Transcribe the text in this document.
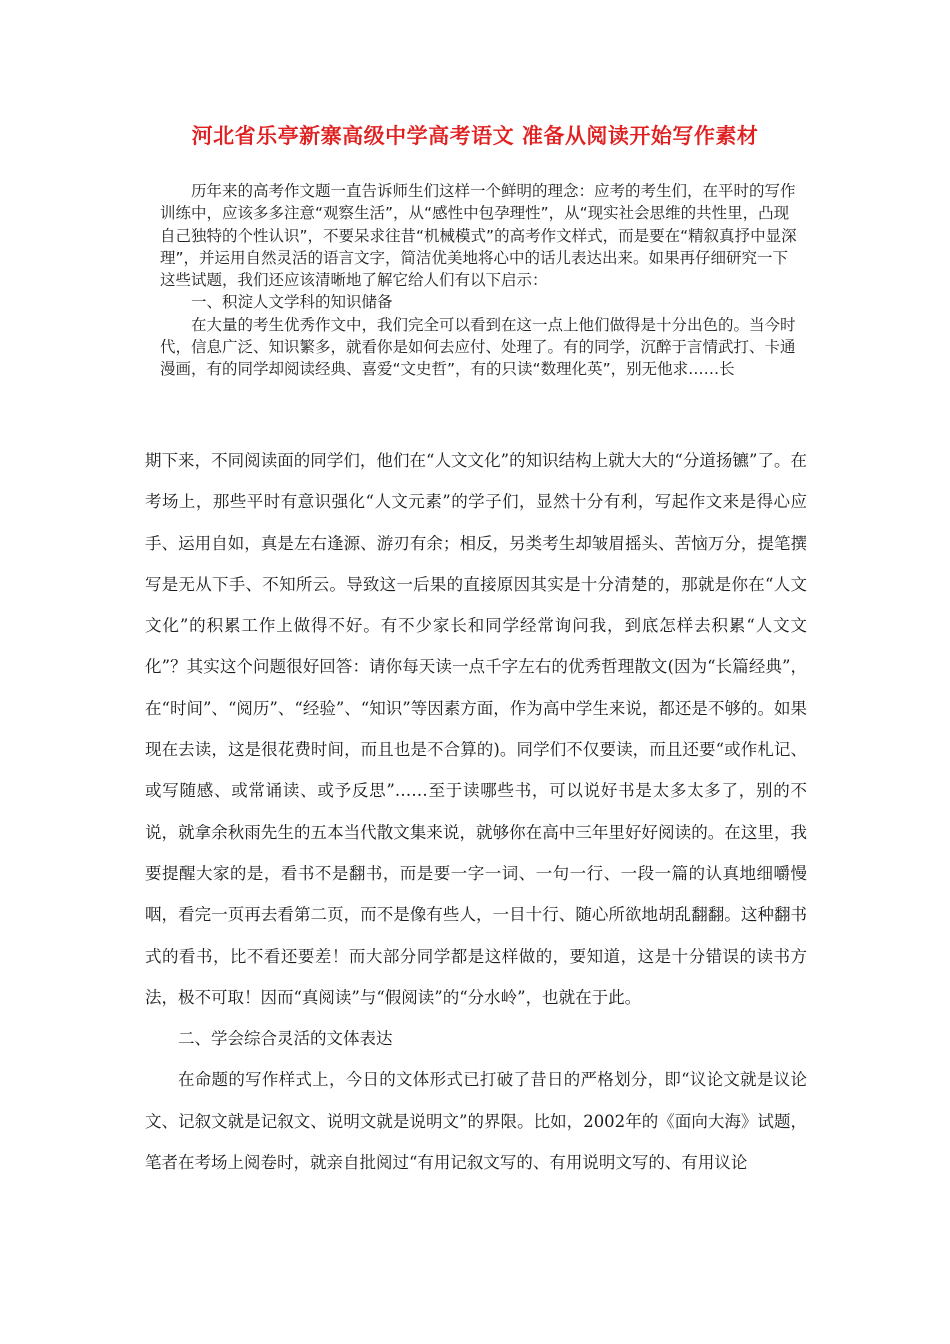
河北省乐亭新寨高级中学高考语文 准备从阅读开始写作素材

历年来的高考作文题一直告诉师生们这样一个鲜明的理念：应考的考生们，在平时的写作训练中，应该多多注意“观察生活”，从“感性中包孕理性”，从“现实社会思维的共性里，凸现自己独特的个性认识”，不要呆求往昔“机械模式”的高考作文样式，而是要在“精叙真抒中显深理”，并运用自然灵活的语言文字，简洁优美地将心中的话儿表达出来。如果再仔细研究一下这些试题，我们还应该清晰地了解它给人们有以下启示：

一、积淀人文学科的知识储备

在大量的考生优秀作文中，我们完全可以看到在这一点上他们做得是十分出色的。当今时代，信息广泛、知识繁多，就看你是如何去应付、处理了。有的同学，沉醉于言情武打、卡通漫画，有的同学却阅读经典、喜爱“文史哲”，有的只读“数理化英”，别无他求……长

期下来，不同阅读面的同学们，他们在“人文文化”的知识结构上就大大的“分道扬镳”了。在考场上，那些平时有意识强化“人文元素”的学子们，显然十分有利，写起作文来是得心应手、运用自如，真是左右逢源、游刃有余；相反，另类考生却皱眉摇头、苦恼万分，提笔撰写是无从下手、不知所云。导致这一后果的直接原因其实是十分清楚的，那就是你在“人文文化”的积累工作上做得不好。有不少家长和同学经常询问我，到底怎样去积累“人文文化”？其实这个问题很好回答：请你每天读一点千字左右的优秀哲理散文(因为“长篇经典”，在“时间”、“阅历”、“经验”、“知识”等因素方面，作为高中学生来说，都还是不够的。如果现在去读，这是很花费时间，而且也是不合算的)。同学们不仅要读，而且还要“或作札记、或写随感、或常诵读、或予反思”……至于读哪些书，可以说好书是太多太多了，别的不说，就拿余秋雨先生的五本当代散文集来说，就够你在高中三年里好好阅读的。在这里，我要提醒大家的是，看书不是翻书，而是要一字一词、一句一行、一段一篇的认真地细嚼慢咽，看完一页再去看第二页，而不是像有些人，一目十行、随心所欲地胡乱翻翻。这种翻书式的看书，比不看还要差！而大部分同学都是这样做的，要知道，这是十分错误的读书方法，极不可取！因而“真阅读”与“假阅读”的“分水岭”，也就在于此。

二、学会综合灵活的文体表达

在命题的写作样式上，今日的文体形式已打破了昔日的严格划分，即“议论文就是议论文、记叙文就是记叙文、说明文就是说明文”的界限。比如，2002年的《面向大海》试题，笔者在考场上阅卷时，就亲自批阅过“有用记叙文写的、有用说明文写的、有用议论
